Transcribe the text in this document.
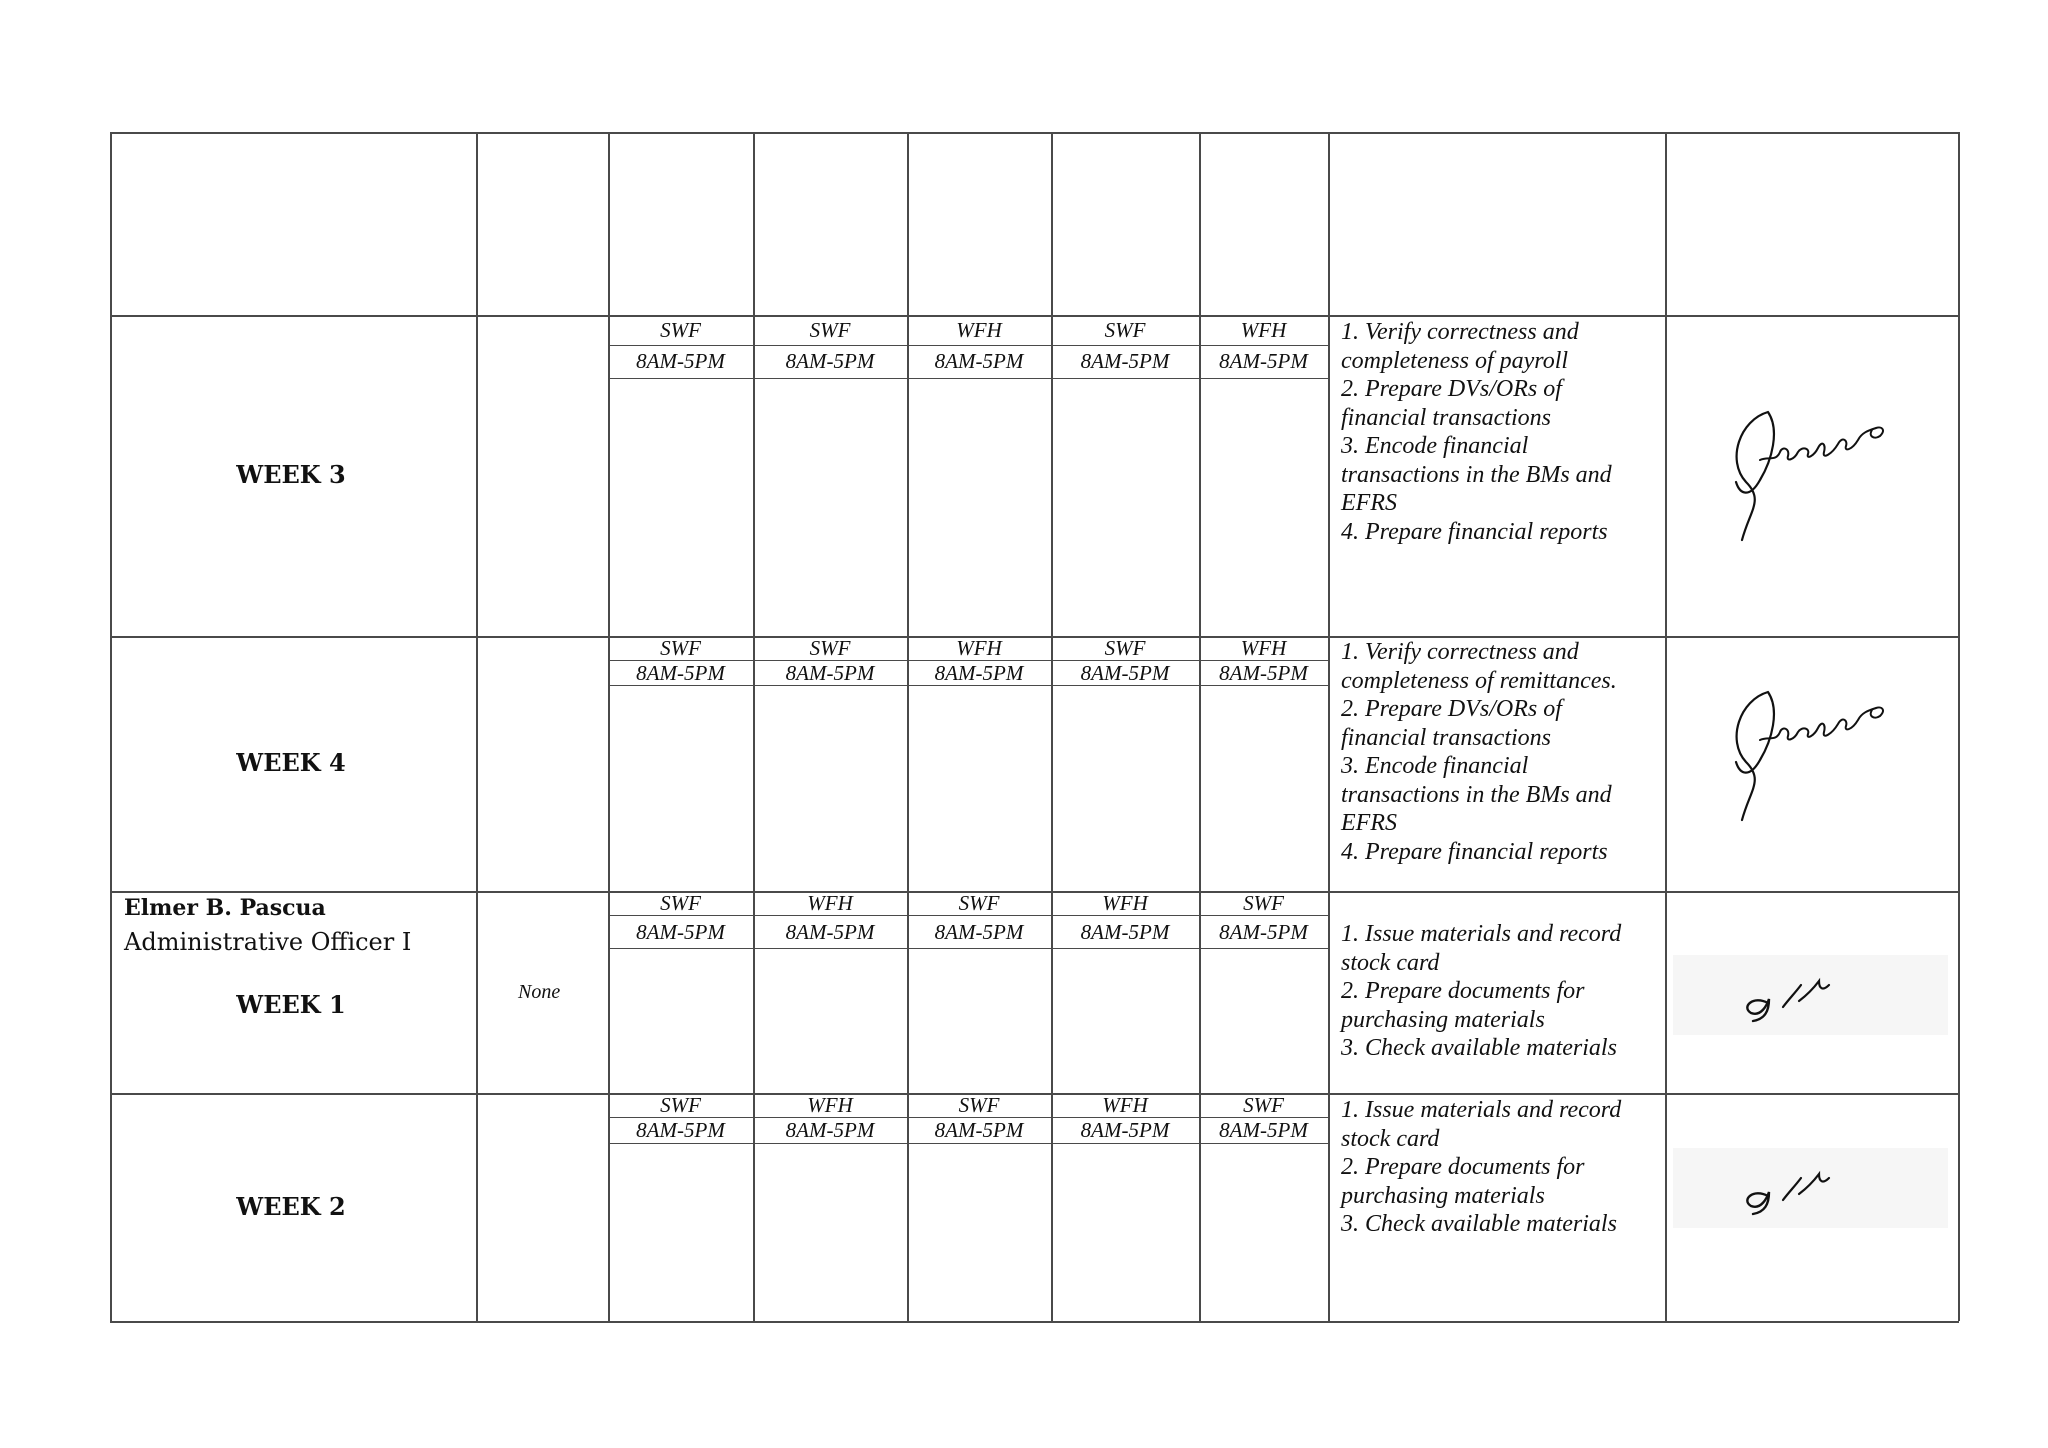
WEEK 3
SWF
8AM-5PM
SWF
8AM-5PM
WFH
8AM-5PM
SWF
8AM-5PM
WFH
8AM-5PM
1. Verify correctness and
completeness of payroll
2. Prepare DVs/ORs of
financial transactions
3. Encode financial
transactions in the BMs and
EFRS
4. Prepare financial reports
WEEK 4
SWF
8AM-5PM
SWF
8AM-5PM
WFH
8AM-5PM
SWF
8AM-5PM
WFH
8AM-5PM
1. Verify correctness and
completeness of remittances.
2. Prepare DVs/ORs of
financial transactions
3. Encode financial
transactions in the BMs and
EFRS
4. Prepare financial reports
Elmer B. Pascua
Administrative Officer I
WEEK 1	None
SWF
8AM-5PM
WFH
8AM-5PM
SWF
8AM-5PM
WFH
8AM-5PM
SWF
8AM-5PM	1. Issue materials and record
stock card
2. Prepare documents for
purchasing materials
3. Check available materials
WEEK 2
SWF
8AM-5PM
WFH
8AM-5PM
SWF
8AM-5PM
WFH
8AM-5PM
SWF
8AM-5PM
1. Issue materials and record
stock card
2. Prepare documents for
purchasing materials
3. Check available materials
